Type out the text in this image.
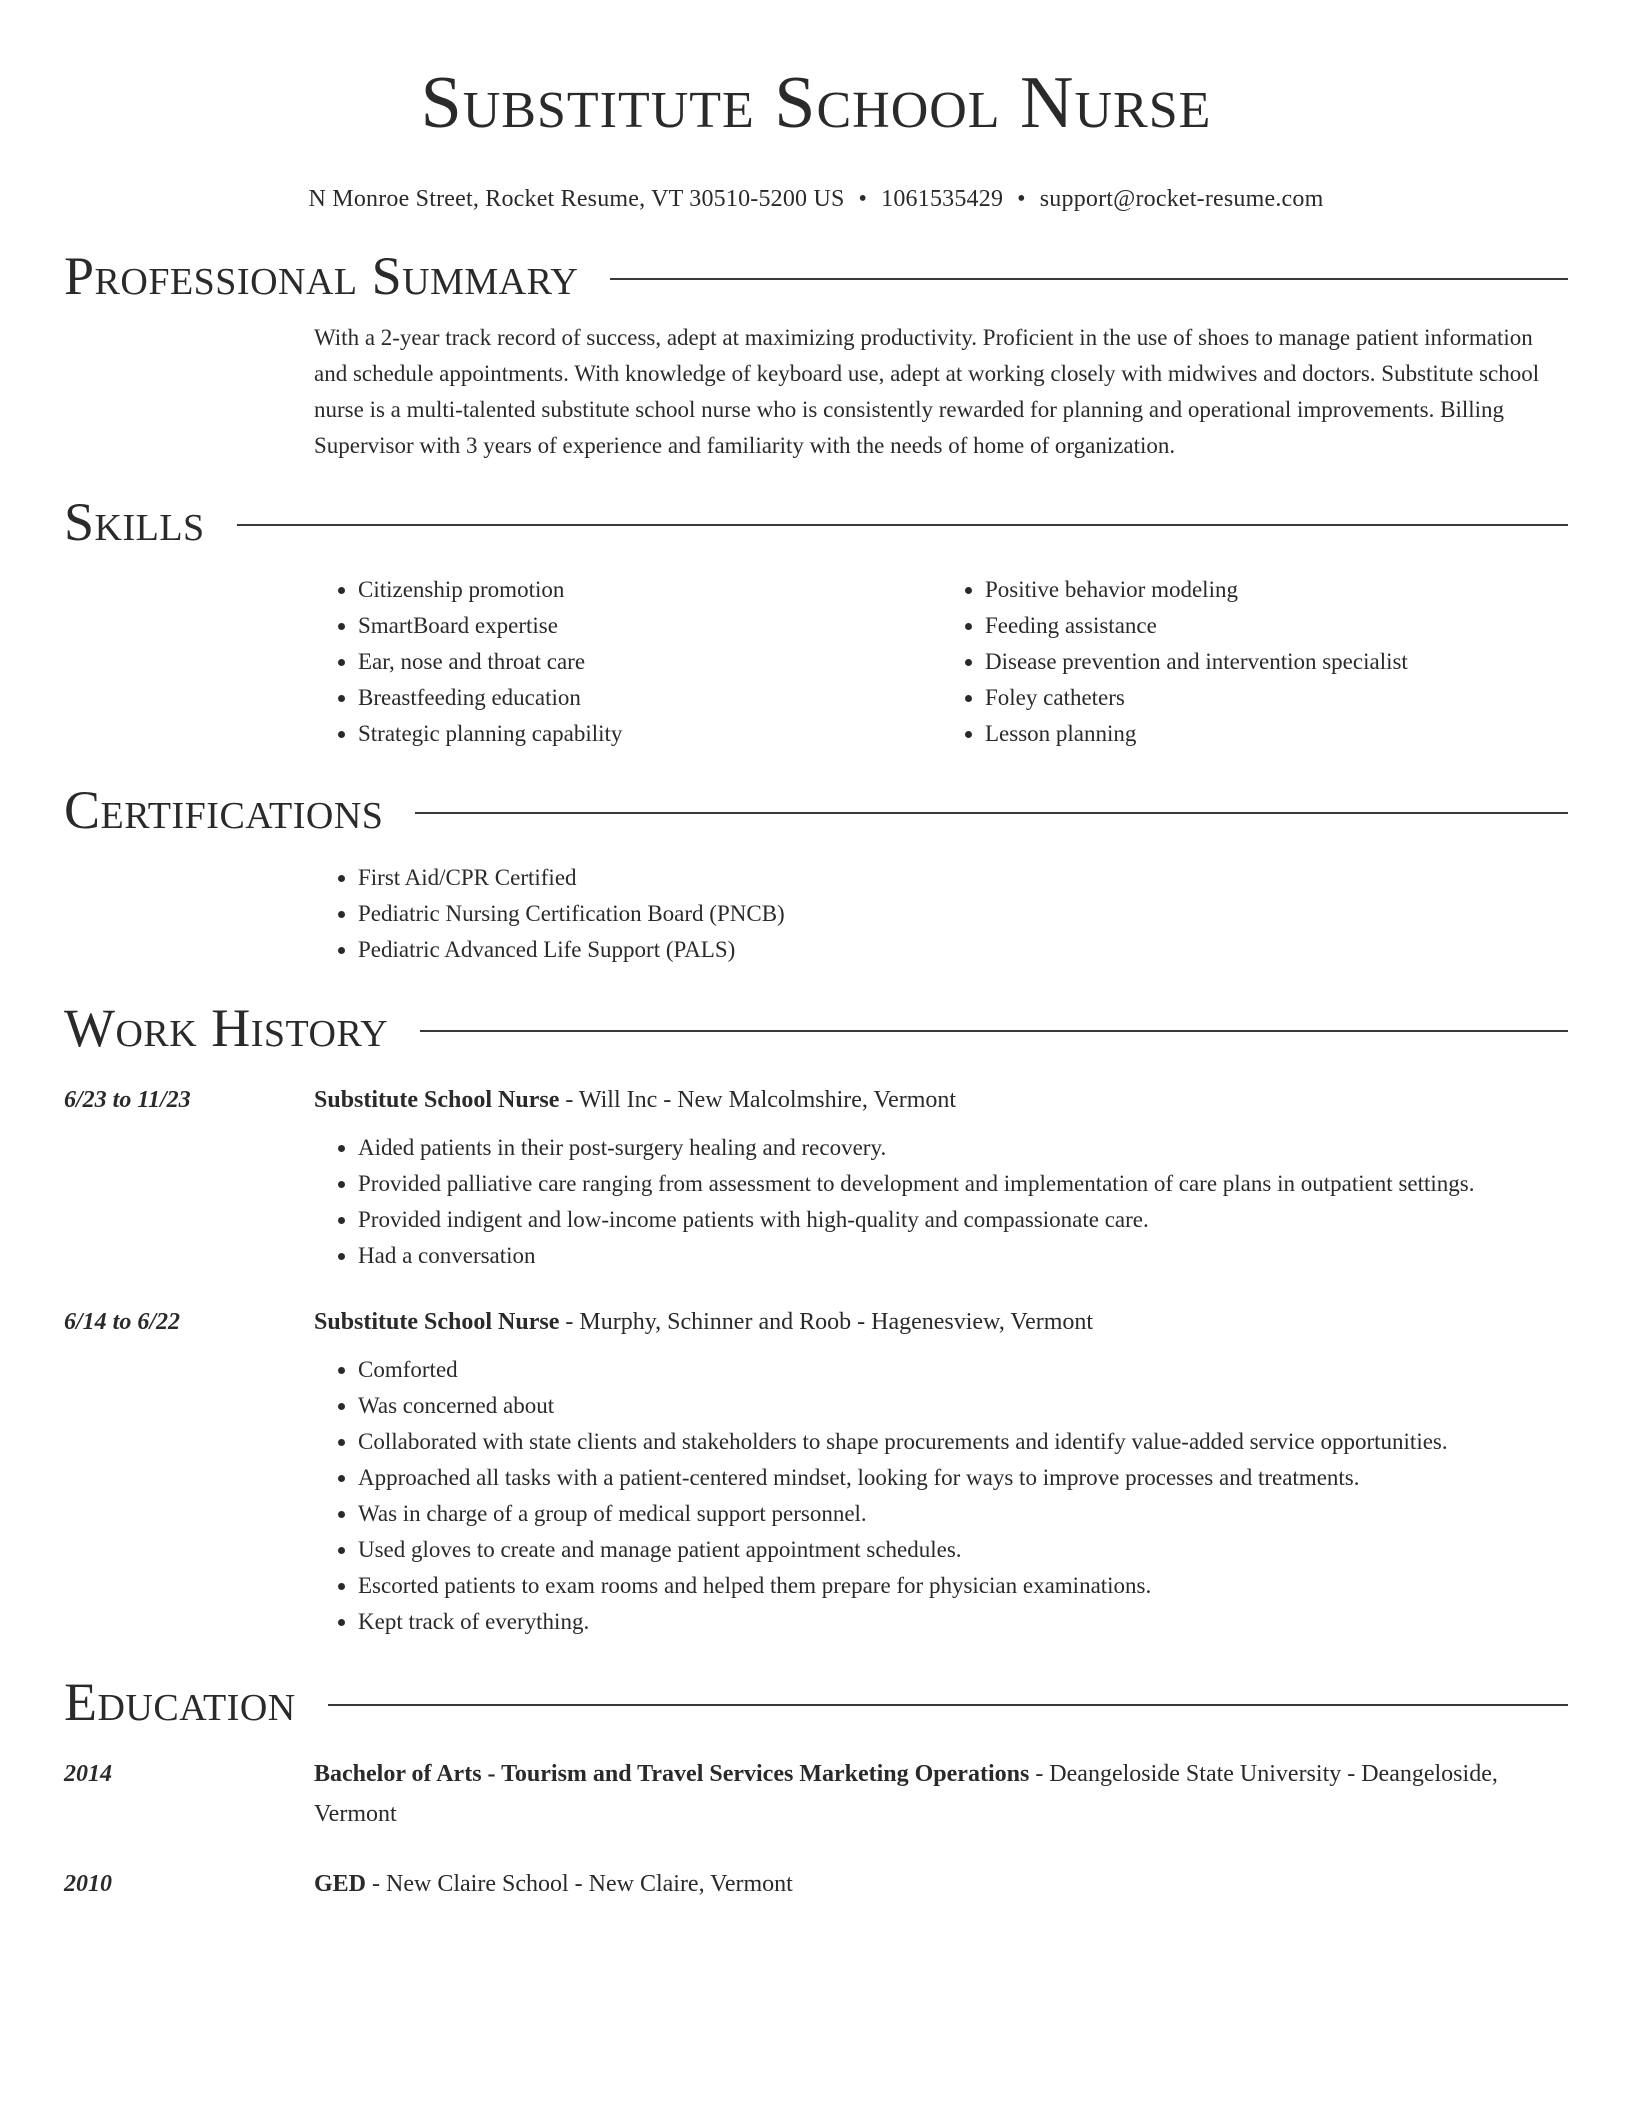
Substitute School Nurse
N Monroe Street, Rocket Resume, VT 30510-5200 US • 1061535429 • support@rocket-resume.com
Professional Summary

With a 2-year track record of success, adept at maximizing productivity. Proficient in the use of shoes to manage patient information and schedule appointments. With knowledge of keyboard use, adept at working closely with midwives and doctors. Substitute school nurse is a multi-talented substitute school nurse who is consistently rewarded for planning and operational improvements. Billing Supervisor with 3 years of experience and familiarity with the needs of home of organization.

Skills
• Citizenship promotion
• SmartBoard expertise
• Ear, nose and throat care
• Breastfeeding education
• Strategic planning capability
• Positive behavior modeling
• Feeding assistance
• Disease prevention and intervention specialist
• Foley catheters
• Lesson planning
Certifications
• First Aid/CPR Certified
• Pediatric Nursing Certification Board (PNCB)
• Pediatric Advanced Life Support (PALS)
Work History
6/23 to 11/23	Substitute School Nurse - Will Inc - New Malcolmshire, Vermont
• Aided patients in their post-surgery healing and recovery.
• Provided palliative care ranging from assessment to development and implementation of care plans in outpatient settings.
• Provided indigent and low-income patients with high-quality and compassionate care.
• Had a conversation
6/14 to 6/22	Substitute School Nurse - Murphy, Schinner and Roob - Hagenesview, Vermont
• Comforted
• Was concerned about
• Collaborated with state clients and stakeholders to shape procurements and identify value-added service opportunities.
• Approached all tasks with a patient-centered mindset, looking for ways to improve processes and treatments.
• Was in charge of a group of medical support personnel.
• Used gloves to create and manage patient appointment schedules.
• Escorted patients to exam rooms and helped them prepare for physician examinations.
• Kept track of everything.
Education
2014	Bachelor of Arts - Tourism and Travel Services Marketing Operations - Deangeloside State University - Deangeloside, Vermont
2010	GED - New Claire School - New Claire, Vermont
